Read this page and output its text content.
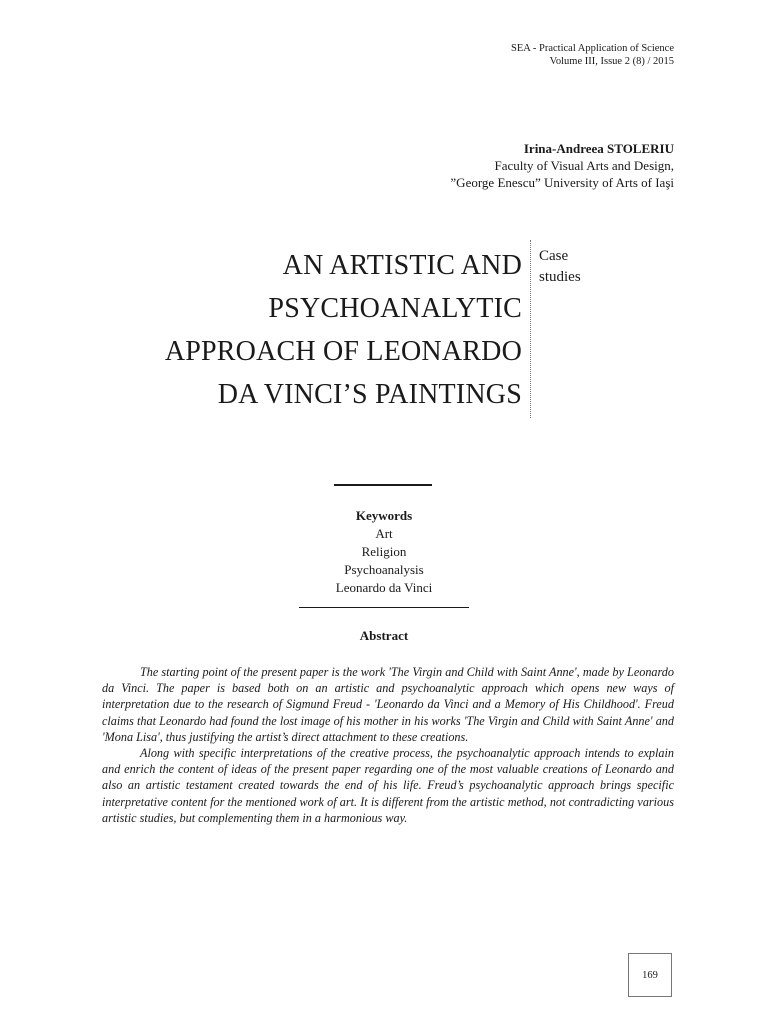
SEA - Practical Application of Science
Volume III, Issue 2 (8) / 2015
Irina-Andreea STOLERIU
Faculty of Visual Arts and Design,
”George Enescu” University of Arts of Iaşi
AN ARTISTIC AND
PSYCHOANALYTIC
APPROACH OF LEONARDO
DA VINCI’S PAINTINGS
Case
studies
Keywords
Art
Religion
Psychoanalysis
Leonardo da Vinci
Abstract

The starting point of the present paper is the work 'The Virgin and Child with Saint Anne', made by Leonardo da Vinci. The paper is based both on an artistic and psychoanalytic approach which opens new ways of interpretation due to the research of Sigmund Freud - 'Leonardo da Vinci and a Memory of His Childhood'. Freud claims that Leonardo had found the lost image of his mother in his works 'The Virgin and Child with Saint Anne' and 'Mona Lisa', thus justifying the artist’s direct attachment to these creations.

Along with specific interpretations of the creative process, the psychoanalytic approach intends to explain and enrich the content of ideas of the present paper regarding one of the most valuable creations of Leonardo and also an artistic testament created towards the end of his life. Freud’s psychoanalytic approach brings specific interpretative content for the mentioned work of art. It is different from the artistic method, not contradicting various artistic studies, but complementing them in a harmonious way.

169
